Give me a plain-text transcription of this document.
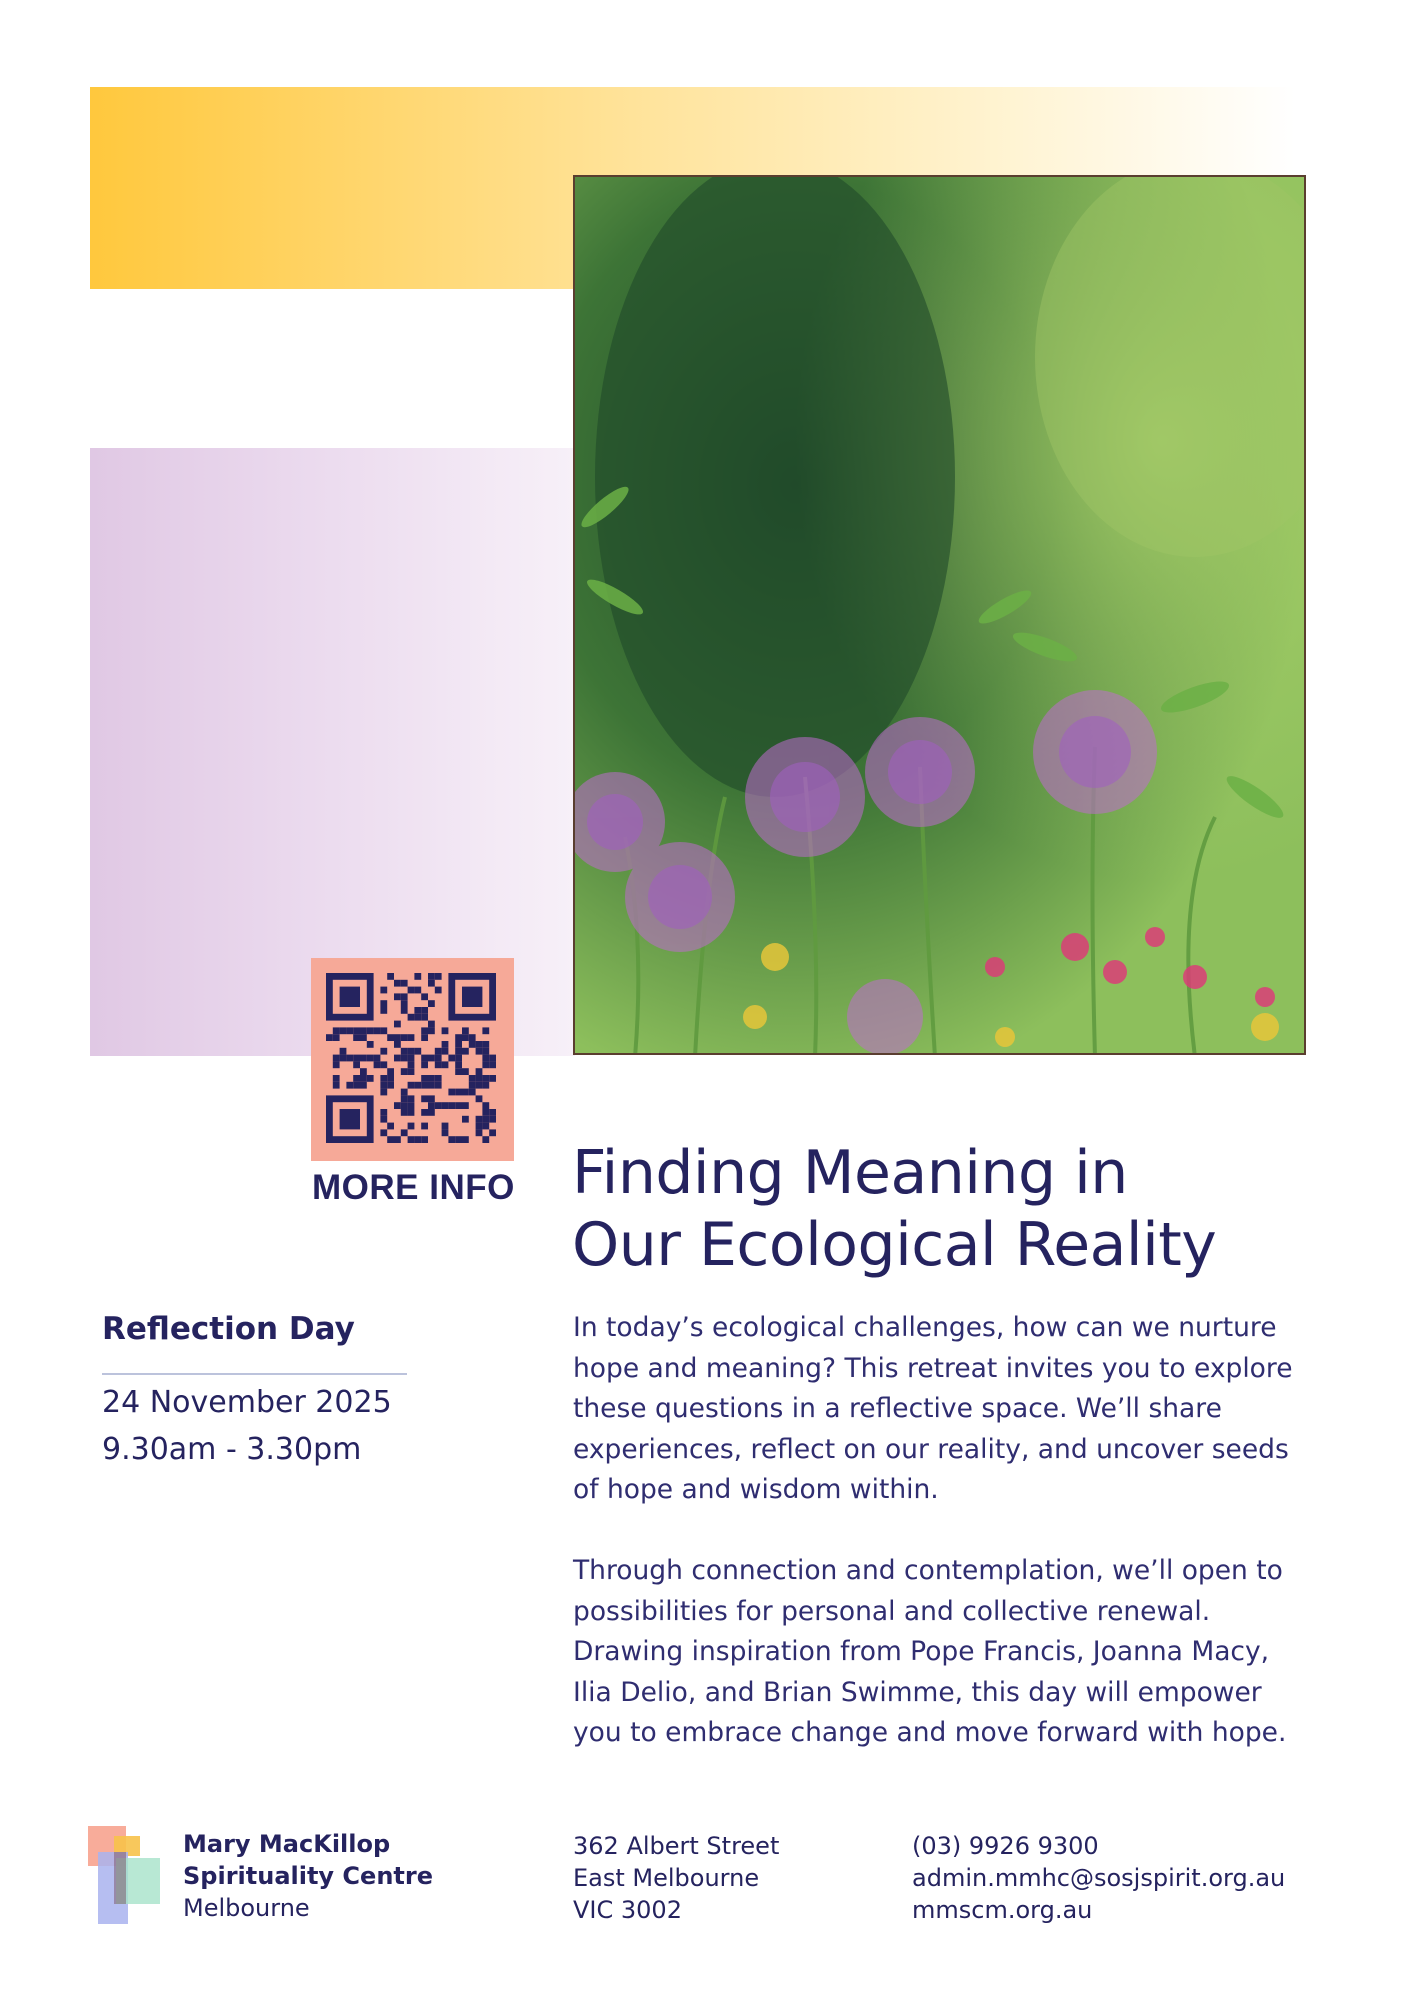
MORE INFO Finding Meaning in
Our Ecological Reality
Reflection Day
24 November 2025
9.30am - 3.30pm

In today’s ecological challenges, how can we nurture hope and meaning? This retreat invites you to explore these questions in a reflective space. We’ll share experiences, reflect on our reality, and uncover seeds of hope and wisdom within.

Through connection and contemplation, we’ll open to possibilities for personal and collective renewal. Drawing inspiration from Pope Francis, Joanna Macy, Ilia Delio, and Brian Swimme, this day will empower you to embrace change and move forward with hope.

Mary MacKillop
Spirituality Centre
Melbourne
362 Albert Street
East Melbourne
VIC 3002
(03) 9926 9300
admin.mmhc@sosjspirit.org.au
mmscm.org.au
